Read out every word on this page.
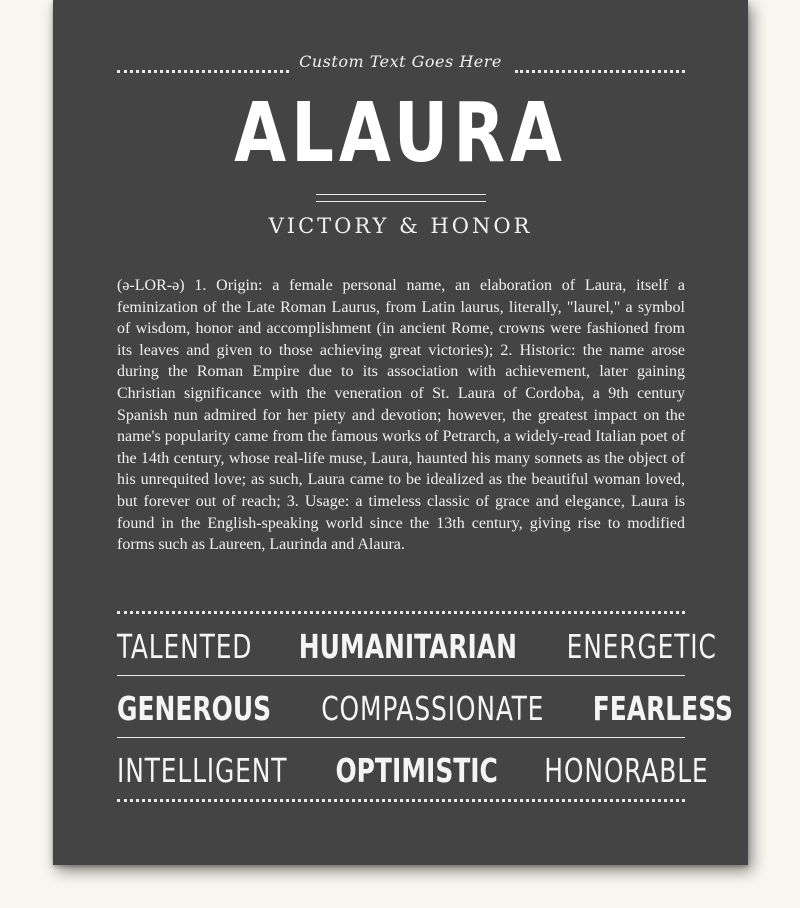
Custom Text Goes Here
ALAURA
VICTORY & HONOR
(ə-LOR-ə) 1. Origin: a female personal name, an elaboration of Laura, itself a feminization of the Late Roman Laurus, from Latin laurus, literally, "laurel," a symbol of wisdom, honor and accomplishment (in ancient Rome, crowns were fashioned from its leaves and given to those achieving great victories); 2. Historic: the name arose during the Roman Empire due to its association with achievement, later gaining Christian significance with the veneration of St. Laura of Cordoba, a 9th century Spanish nun admired for her piety and devotion; however, the greatest impact on the name's popularity came from the famous works of Petrarch, a widely-read Italian poet of the 14th century, whose real-life muse, Laura, haunted his many sonnets as the object of his unrequited love; as such, Laura came to be idealized as the beautiful woman loved, but forever out of reach; 3. Usage: a timeless classic of grace and elegance, Laura is found in the English-speaking world since the 13th century, giving rise to modified forms such as Laureen, Laurinda and Alaura.
TALENTED HUMANITARIAN ENERGETIC
GENEROUS COMPASSIONATE FEARLESS
INTELLIGENT OPTIMISTIC HONORABLE
